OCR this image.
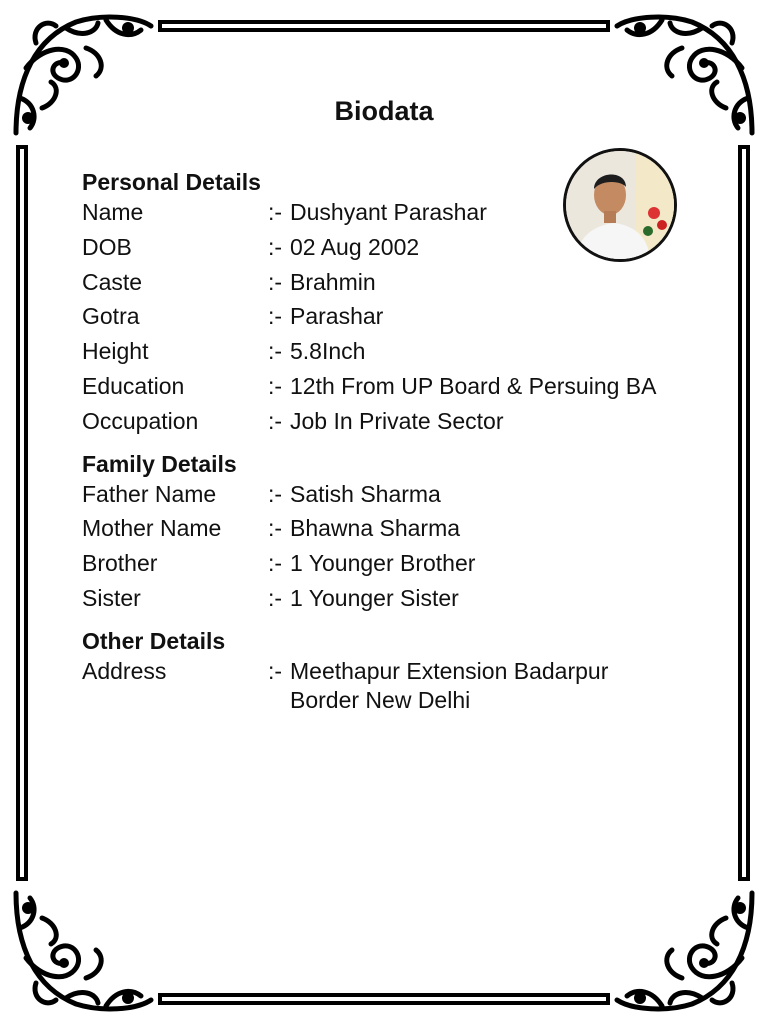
Biodata
Personal Details
Name	:- Dushyant Parashar
DOB	:- 02 Aug 2002
Caste	:- Brahmin
Gotra	:- Parashar
Height	:- 5.8Inch
Education	:- 12th From UP Board & Persuing BA
Occupation	:- Job In Private Sector
Family Details
Father Name	:- Satish Sharma
Mother Name	:- Bhawna Sharma
Brother	:- 1 Younger Brother
Sister	:- 1 Younger Sister
Other Details
Address	:- Meethapur Extension Badarpur Border New Delhi
